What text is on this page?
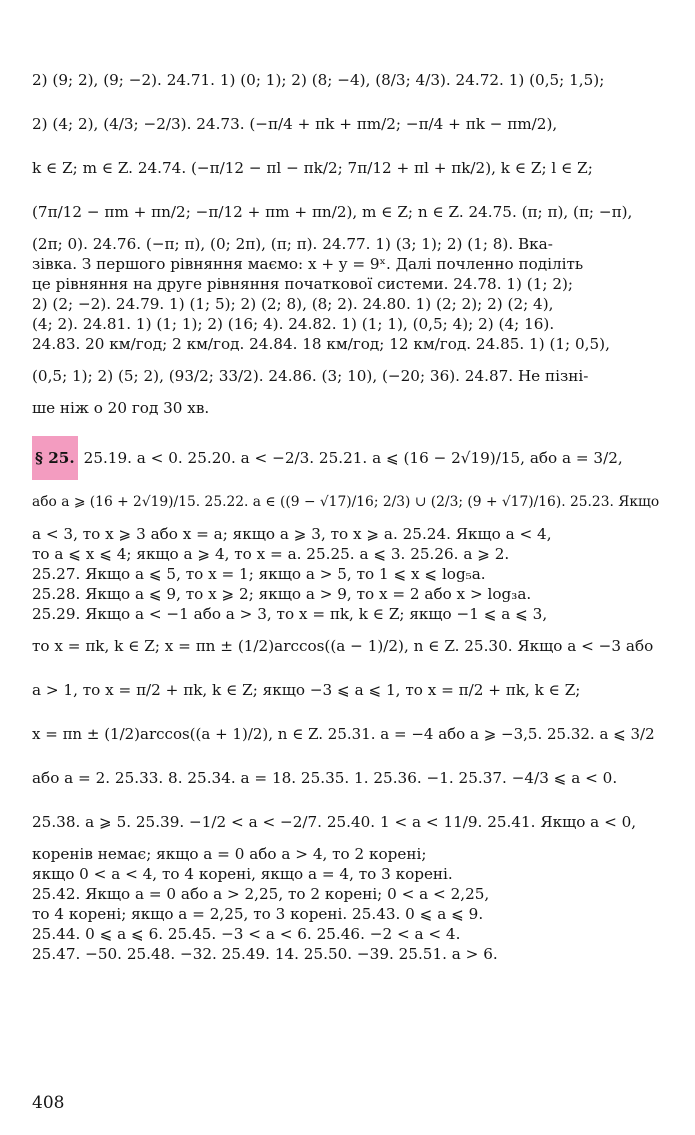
2) (9; 2), (9; −2). 24.71. 1) (0; 1); 2) (8; −4), (8/3; 4/3). 24.72. 1) (0,5; 1,5);
2) (4; 2), (4/3; −2/3). 24.73. (−π/4 + πk + πm/2; −π/4 + πk − πm/2),
k ∈ Z; m ∈ Z. 24.74. (−π/12 − πl − πk/2; 7π/12 + πl + πk/2), k ∈ Z; l ∈ Z;
(7π/12 − πm + πn/2; −π/12 + πm + πn/2), m ∈ Z; n ∈ Z. 24.75. (π; π), (π; −π),
(2π; 0). 24.76. (−π; π), (0; 2π), (π; π). 24.77. 1) (3; 1); 2) (1; 8). Вка-
зівка. З першого рівняння маємо: x + y = 9ˣ. Далі почленно поділіть
це рівняння на друге рівняння початкової системи. 24.78. 1) (1; 2);
2) (2; −2). 24.79. 1) (1; 5); 2) (2; 8), (8; 2). 24.80. 1) (2; 2); 2) (2; 4),
(4; 2). 24.81. 1) (1; 1); 2) (16; 4). 24.82. 1) (1; 1), (0,5; 4); 2) (4; 16).
24.83. 20 км/год; 2 км/год. 24.84. 18 км/год; 12 км/год. 24.85. 1) (1; 0,5),
(0,5; 1); 2) (5; 2), (93/2; 33/2). 24.86. (3; 10), (−20; 36). 24.87. Не пізні-
ше ніж о 20 год 30 хв.
§ 25. 25.19. a < 0. 25.20. a < −2/3. 25.21. a ⩽ (16 − 2√19)/15, або a = 3/2,
або a ⩾ (16 + 2√19)/15. 25.22. a ∈ ((9 − √17)/16; 2/3) ∪ (2/3; (9 + √17)/16). 25.23. Якщо
a < 3, то x ⩾ 3 або x = a; якщо a ⩾ 3, то x ⩾ a. 25.24. Якщо a < 4,
то a ⩽ x ⩽ 4; якщо a ⩾ 4, то x = a. 25.25. a ⩽ 3. 25.26. a ⩾ 2.
25.27. Якщо a ⩽ 5, то x = 1; якщо a > 5, то 1 ⩽ x ⩽ log₅a.
25.28. Якщо a ⩽ 9, то x ⩾ 2; якщо a > 9, то x = 2 або x > log₃a.
25.29. Якщо a < −1 або a > 3, то x = πk, k ∈ Z; якщо −1 ⩽ a ⩽ 3,
то x = πk, k ∈ Z; x = πn ± (1/2)arccos((a − 1)/2), n ∈ Z. 25.30. Якщо a < −3 або
a > 1, то x = π/2 + πk, k ∈ Z; якщо −3 ⩽ a ⩽ 1, то x = π/2 + πk, k ∈ Z;
x = πn ± (1/2)arccos((a + 1)/2), n ∈ Z. 25.31. a = −4 або a ⩾ −3,5. 25.32. a ⩽ 3/2
або a = 2. 25.33. 8. 25.34. a = 18. 25.35. 1. 25.36. −1. 25.37. −4/3 ⩽ a < 0.
25.38. a ⩾ 5. 25.39. −1/2 < a < −2/7. 25.40. 1 < a < 11/9. 25.41. Якщо a < 0,
коренів немає; якщо a = 0 або a > 4, то 2 корені;
якщо 0 < a < 4, то 4 корені, якщо a = 4, то 3 корені.
25.42. Якщо a = 0 або a > 2,25, то 2 корені; 0 < a < 2,25,
то 4 корені; якщо a = 2,25, то 3 корені. 25.43. 0 ⩽ a ⩽ 9.
25.44. 0 ⩽ a ⩽ 6. 25.45. −3 < a < 6. 25.46. −2 < a < 4.
25.47. −50. 25.48. −32. 25.49. 14. 25.50. −39. 25.51. a > 6.
408
